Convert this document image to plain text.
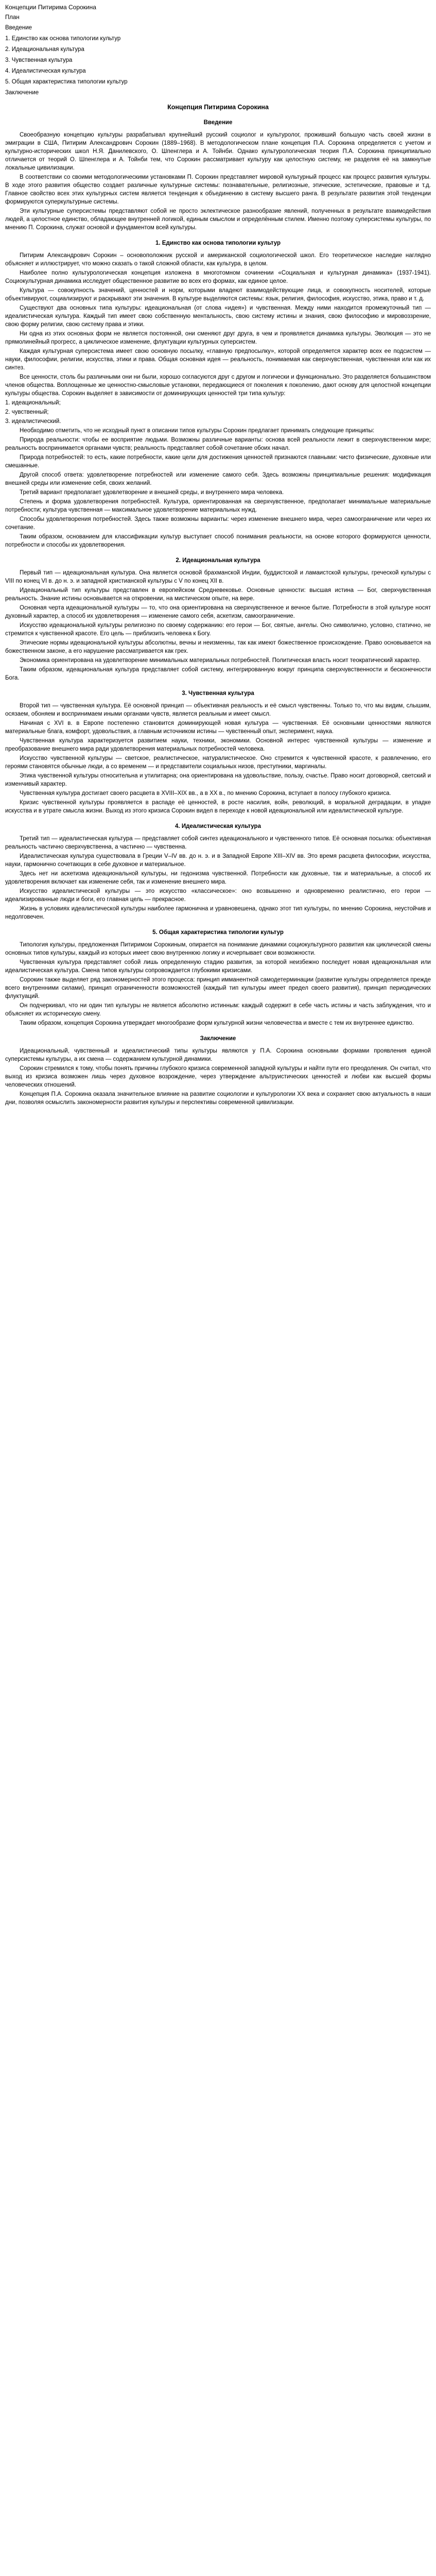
Концепции Питирима Сорокина
План
Введение
1. Единство как основа типологии культур
2. Идеациональная культура
3. Чувственная культура
4. Идеалистическая культура
5. Общая характеристика типологии культур
Заключение
Концепция Питирима Сорокина
Введение

Своеобразную концепцию культуры разрабатывал крупнейший русский социолог и культуролог, проживший большую часть своей жизни в эмиграции в США, Питирим Александрович Сорокин (1889–1968). В методологическом плане концепция П.А. Сорокина определяется с учетом и культурно-исторических школ Н.Я. Данилевского, О. Шпенглера и А. Тойнби. Однако культурологическая теория П.А. Сорокина принципиально отличается от теорий О. Шпенглера и А. Тойнби тем, что Сорокин рассматривает культуру как целостную систему, не разделяя её на замкнутые локальные цивилизации.

В соответствии со своими методологическими установками П. Сорокин представляет мировой культурный процесс как процесс развития культуры. В ходе этого развития общество создает различные культурные системы: познавательные, религиозные, этические, эстетические, правовые и т.д. Главное свойство всех этих культурных систем является тенденция к объединению в систему высшего ранга. В результате развития этой тенденции формируются суперкультурные системы.

Эти культурные суперсистемы представляют собой не просто эклектическое разнообразие явлений, полученных в результате взаимодействия людей, а целостное единство, обладающее внутренней логикой, единым смыслом и определённым стилем. Именно поэтому суперсистемы культуры, по мнению П. Сорокина, служат основой и фундаментом всей культуры.

1. Единство как основа типологии культур

Питирим Александрович Сорокин – основоположник русской и американской социологической школ. Его теоретическое наследие наглядно объясняет и иллюстрирует, что можно сказать о такой сложной области, как культура, в целом.

Наиболее полно культурологическая концепция изложена в многотомном сочинении «Социальная и культурная динамика» (1937-1941). Социокультурная динамика исследует общественное развитие во всех его формах, как единое целое.

Культура — совокупность значений, ценностей и норм, которыми владеют взаимодействующие лица, и совокупность носителей, которые объективируют, социализируют и раскрывают эти значения. В культуре выделяются системы: язык, религия, философия, искусство, этика, право и т. д.

Существуют два основных типа культуры: идеациональная (от слова «идея») и чувственная. Между ними находится промежуточный тип — идеалистическая культура. Каждый тип имеет свою собственную ментальность, свою систему истины и знания, свою философию и мировоззрение, свою форму религии, свою систему права и этики.

Ни одна из этих основных форм не является постоянной, они сменяют друг друга, в чем и проявляется динамика культуры. Эволюция — это не прямолинейный прогресс, а циклическое изменение, флуктуации культурных суперсистем.

Каждая культурная суперсистема имеет свою основную посылку, «главную предпосылку», которой определяется характер всех ее подсистем — науки, философии, религии, искусства, этики и права. Общая основная идея — реальность, понимаемая как сверхчувственная, чувственная или как их синтез.

Все ценности, столь бы различными они ни были, хорошо согласуются друг с другом и логически и функционально. Это разделяется большинством членов общества. Воплощенные же ценностно-смысловые установки, передающиеся от поколения к поколению, дают основу для целостной концепции культуры общества. Сорокин выделяет в зависимости от доминирующих ценностей три типа культур:

1. идеациональный;

2. чувственный;

3. идеалистический.

Необходимо отметить, что не исходный пункт в описании типов культуры Сорокин предлагает принимать следующие принципы:

Природа реальности: чтобы ее восприятие людьми. Возможны различные варианты: основа всей реальности лежит в сверхчувственном мире; реальность воспринимается органами чувств; реальность представляет собой сочетание обоих начал.

Природа потребностей: то есть, какие потребности, какие цели для достижения ценностей признаются главными: чисто физические, духовные или смешанные.

Другой способ ответа: удовлетворение потребностей или изменение самого себя. Здесь возможны принципиальные решения: модификация внешней среды или изменение себя, своих желаний.

Третий вариант предполагает удовлетворение и внешней среды, и внутреннего мира человека.

Степень и форма удовлетворения потребностей. Культура, ориентированная на сверхчувственное, предполагает минимальные материальные потребности; культура чувственная — максимальное удовлетворение материальных нужд.

Способы удовлетворения потребностей. Здесь также возможны варианты: через изменение внешнего мира, через самоограничение или через их сочетание.

Таким образом, основанием для классификации культур выступает способ понимания реальности, на основе которого формируются ценности, потребности и способы их удовлетворения.

2. Идеациональная культура

Первый тип — идеациональная культура. Она является основой брахманской Индии, буддистской и ламаистской культуры, греческой культуры с VIII по конец VI в. до н. э. и западной христианской культуры с V по конец XII в.

Идеациональный тип культуры представлен в европейском Средневековье. Основные ценности: высшая истина — Бог, сверхчувственная реальность. Знание истины основывается на откровении, на мистическом опыте, на вере.

Основная черта идеациональной культуры — то, что она ориентирована на сверхчувственное и вечное бытие. Потребности в этой культуре носят духовный характер, а способ их удовлетворения — изменение самого себя, аскетизм, самоограничение.

Искусство идеациональной культуры религиозно по своему содержанию: его герои — Бог, святые, ангелы. Оно символично, условно, статично, не стремится к чувственной красоте. Его цель — приблизить человека к Богу.

Этические нормы идеациональной культуры абсолютны, вечны и неизменны, так как имеют божественное происхождение. Право основывается на божественном законе, а его нарушение рассматривается как грех.

Экономика ориентирована на удовлетворение минимальных материальных потребностей. Политическая власть носит теократический характер.

Таким образом, идеациональная культура представляет собой систему, интегрированную вокруг принципа сверхчувственности и бесконечности Бога.

3. Чувственная культура

Второй тип — чувственная культура. Её основной принцип — объективная реальность и её смысл чувственны. Только то, что мы видим, слышим, осязаем, обоняем и воспринимаем иными органами чувств, является реальным и имеет смысл.

Начиная с XVI в. в Европе постепенно становится доминирующей новая культура — чувственная. Её основными ценностями являются материальные блага, комфорт, удовольствия, а главным источником истины — чувственный опыт, эксперимент, наука.

Чувственная культура характеризуется развитием науки, техники, экономики. Основной интерес чувственной культуры — изменение и преобразование внешнего мира ради удовлетворения материальных потребностей человека.

Искусство чувственной культуры — светское, реалистическое, натуралистическое. Оно стремится к чувственной красоте, к развлечению, его героями становятся обычные люди, а со временем — и представители социальных низов, преступники, маргиналы.

Этика чувственной культуры относительна и утилитарна; она ориентирована на удовольствие, пользу, счастье. Право носит договорной, светский и изменчивый характер.

Чувственная культура достигает своего расцвета в XVIII–XIX вв., а в XX в., по мнению Сорокина, вступает в полосу глубокого кризиса.

Кризис чувственной культуры проявляется в распаде её ценностей, в росте насилия, войн, революций, в моральной деградации, в упадке искусства и в утрате смысла жизни. Выход из этого кризиса Сорокин видел в переходе к новой идеациональной или идеалистической культуре.

4. Идеалистическая культура

Третий тип — идеалистическая культура — представляет собой синтез идеационального и чувственного типов. Её основная посылка: объективная реальность частично сверхчувственна, а частично — чувственна.

Идеалистическая культура существовала в Греции V–IV вв. до н. э. и в Западной Европе XIII–XIV вв. Это время расцвета философии, искусства, науки, гармонично сочетающих в себе духовное и материальное.

Здесь нет ни аскетизма идеациональной культуры, ни гедонизма чувственной. Потребности как духовные, так и материальные, а способ их удовлетворения включает как изменение себя, так и изменение внешнего мира.

Искусство идеалистической культуры — это искусство «классическое»: оно возвышенно и одновременно реалистично, его герои — идеализированные люди и боги, его главная цель — прекрасное.

Жизнь в условиях идеалистической культуры наиболее гармонична и уравновешена, однако этот тип культуры, по мнению Сорокина, неустойчив и недолговечен.

5. Общая характеристика типологии культур

Типология культуры, предложенная Питиримом Сорокиным, опирается на понимание динамики социокультурного развития как циклической смены основных типов культуры, каждый из которых имеет свою внутреннюю логику и исчерпывает свои возможности.

Чувственная культура представляет собой лишь определенную стадию развития, за которой неизбежно последует новая идеациональная или идеалистическая культура. Смена типов культуры сопровождается глубокими кризисами.

Сорокин также выделяет ряд закономерностей этого процесса: принцип имманентной самодетерминации (развитие культуры определяется прежде всего внутренними силами), принцип ограниченности возможностей (каждый тип культуры имеет предел своего развития), принцип периодических флуктуаций.

Он подчеркивал, что ни один тип культуры не является абсолютно истинным: каждый содержит в себе часть истины и часть заблуждения, что и объясняет их историческую смену.

Таким образом, концепция Сорокина утверждает многообразие форм культурной жизни человечества и вместе с тем их внутреннее единство.

Заключение

Идеациональный, чувственный и идеалистический типы культуры являются у П.А. Сорокина основными формами проявления единой суперсистемы культуры, а их смена — содержанием культурной динамики.

Сорокин стремился к тому, чтобы понять причины глубокого кризиса современной западной культуры и найти пути его преодоления. Он считал, что выход из кризиса возможен лишь через духовное возрождение, через утверждение альтруистических ценностей и любви как высшей формы человеческих отношений.

Концепция П.А. Сорокина оказала значительное влияние на развитие социологии и культурологии XX века и сохраняет свою актуальность в наши дни, позволяя осмыслить закономерности развития культуры и перспективы современной цивилизации.
